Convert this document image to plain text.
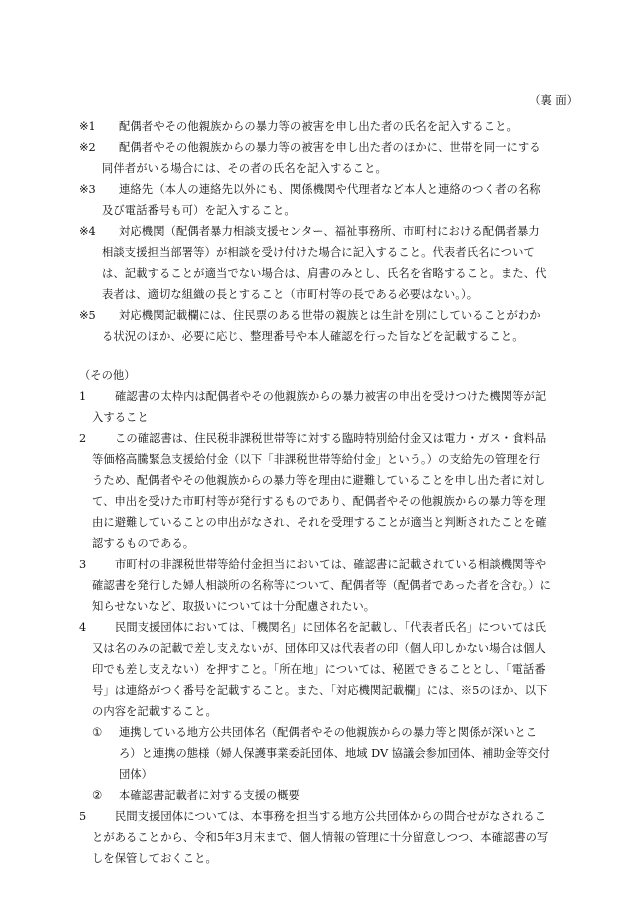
（裏 面）
※1	配偶者やその他親族からの暴力等の被害を申し出た者の氏名を記入すること。
※2	配偶者やその他親族からの暴力等の被害を申し出た者のほかに、世帯を同一にする同伴者がいる場合には、その者の氏名を記入すること。
※3	連絡先（本人の連絡先以外にも、関係機関や代理者など本人と連絡のつく者の名称及び電話番号も可）を記入すること。
※4	対応機関（配偶者暴力相談支援センター、福祉事務所、市町村における配偶者暴力相談支援担当部署等）が相談を受け付けた場合に記入すること。代表者氏名については、記載することが適当でない場合は、肩書のみとし、氏名を省略すること。また、代表者は、適切な組織の長とすること（市町村等の長である必要はない。）。
※5	対応機関記載欄には、住民票のある世帯の親族とは生計を別にしていることがわかる状況のほか、必要に応じ、整理番号や本人確認を行った旨などを記載すること。
（その他）
1	確認書の太枠内は配偶者やその他親族からの暴力被害の申出を受けつけた機関等が記入すること
2	この確認書は、住民税非課税世帯等に対する臨時特別給付金又は電力・ガス・食料品等価格高騰緊急支援給付金（以下「非課税世帯等給付金」という。）の支給先の管理を行うため、配偶者やその他親族からの暴力等を理由に避難していることを申し出た者に対して、申出を受けた市町村等が発行するものであり、配偶者やその他親族からの暴力等を理由に避難していることの申出がなされ、それを受理することが適当と判断されたことを確認するものである。
3	市町村の非課税世帯等給付金担当においては、確認書に記載されている相談機関等や確認書を発行した婦人相談所の名称等について、配偶者等（配偶者であった者を含む。）に知らせないなど、取扱いについては十分配慮されたい。
4	民間支援団体においては、「機関名」に団体名を記載し、「代表者氏名」については氏又は名のみの記載で差し支えないが、団体印又は代表者の印（個人印しかない場合は個人印でも差し支えない）を押すこと。「所在地」については、秘匿できることとし、「電話番号」は連絡がつく番号を記載すること。また、「対応機関記載欄」には、※5のほか、以下の内容を記載すること。
① 連携している地方公共団体名（配偶者やその他親族からの暴力等と関係が深いところ）と連携の態様（婦人保護事業委託団体、地域 DV 協議会参加団体、補助金等交付団体）
② 本確認書記載者に対する支援の概要
5	民間支援団体については、本事務を担当する地方公共団体からの問合せがなされることがあることから、令和5年3月末まで、個人情報の管理に十分留意しつつ、本確認書の写しを保管しておくこと。
